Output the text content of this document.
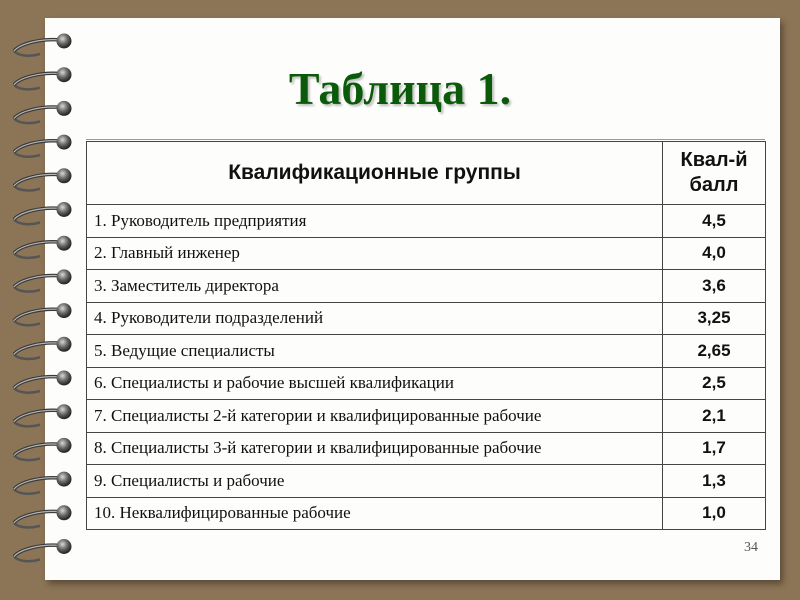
Таблица 1.
Квалификационные группы	Квал-й балл
1. Руководитель предприятия	4,5
2. Главный инженер	4,0
3. Заместитель директора	3,6
4. Руководители подразделений	3,25
5. Ведущие специалисты	2,65
6. Специалисты и рабочие высшей квалификации	2,5
7. Специалисты 2-й категории и квалифицированные рабочие	2,1
8. Специалисты 3-й категории и квалифицированные рабочие	1,7
9. Специалисты и рабочие	1,3
10. Неквалифицированные рабочие	1,0
34
